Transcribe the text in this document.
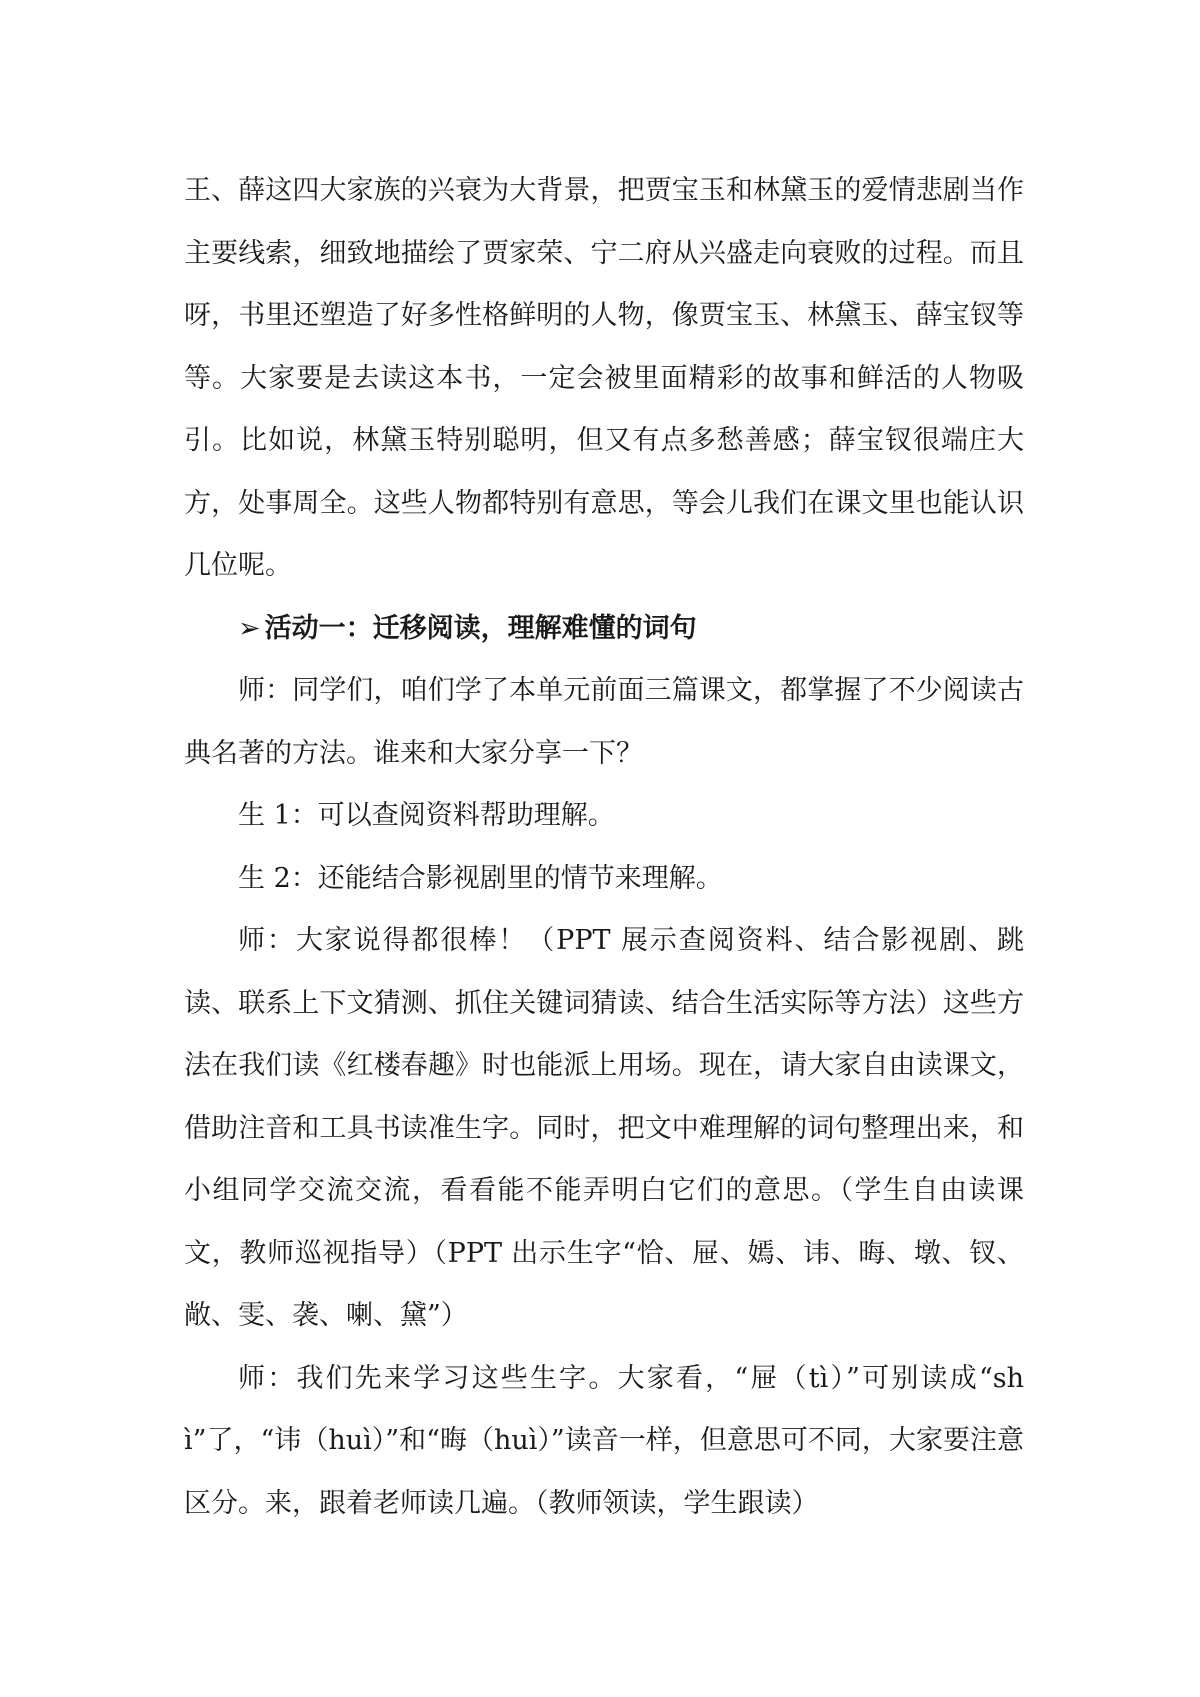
王、薛这四大家族的兴衰为大背景，把贾宝玉和林黛玉的爱情悲剧当作主要线索，细致地描绘了贾家荣、宁二府从兴盛走向衰败的过程。而且呀，书里还塑造了好多性格鲜明的人物，像贾宝玉、林黛玉、薛宝钗等等。大家要是去读这本书，一定会被里面精彩的故事和鲜活的人物吸引。比如说，林黛玉特别聪明，但又有点多愁善感；薛宝钗很端庄大方，处事周全。这些人物都特别有意思，等会儿我们在课文里也能认识几位呢。

➢ 活动一：迁移阅读，理解难懂的词句

师：同学们，咱们学了本单元前面三篇课文，都掌握了不少阅读古典名著的方法。谁来和大家分享一下？

生 1：可以查阅资料帮助理解。

生 2：还能结合影视剧里的情节来理解。

师：大家说得都很棒！（PPT 展示查阅资料、结合影视剧、跳读、联系上下文猜测、抓住关键词猜读、结合生活实际等方法）这些方法在我们读《红楼春趣》时也能派上用场。现在，请大家自由读课文，借助注音和工具书读准生字。同时，把文中难理解的词句整理出来，和小组同学交流交流，看看能不能弄明白它们的意思。（学生自由读课文，教师巡视指导）（PPT 出示生字“恰、屉、嫣、讳、晦、墩、钗、敞、雯、袭、喇、黛”）

师：我们先来学习这些生字。大家看，“屉（tì）”可别读成“shì”了，“讳（huì）”和“晦（huì）”读音一样，但意思可不同，大家要注意区分。来，跟着老师读几遍。（教师领读，学生跟读）
